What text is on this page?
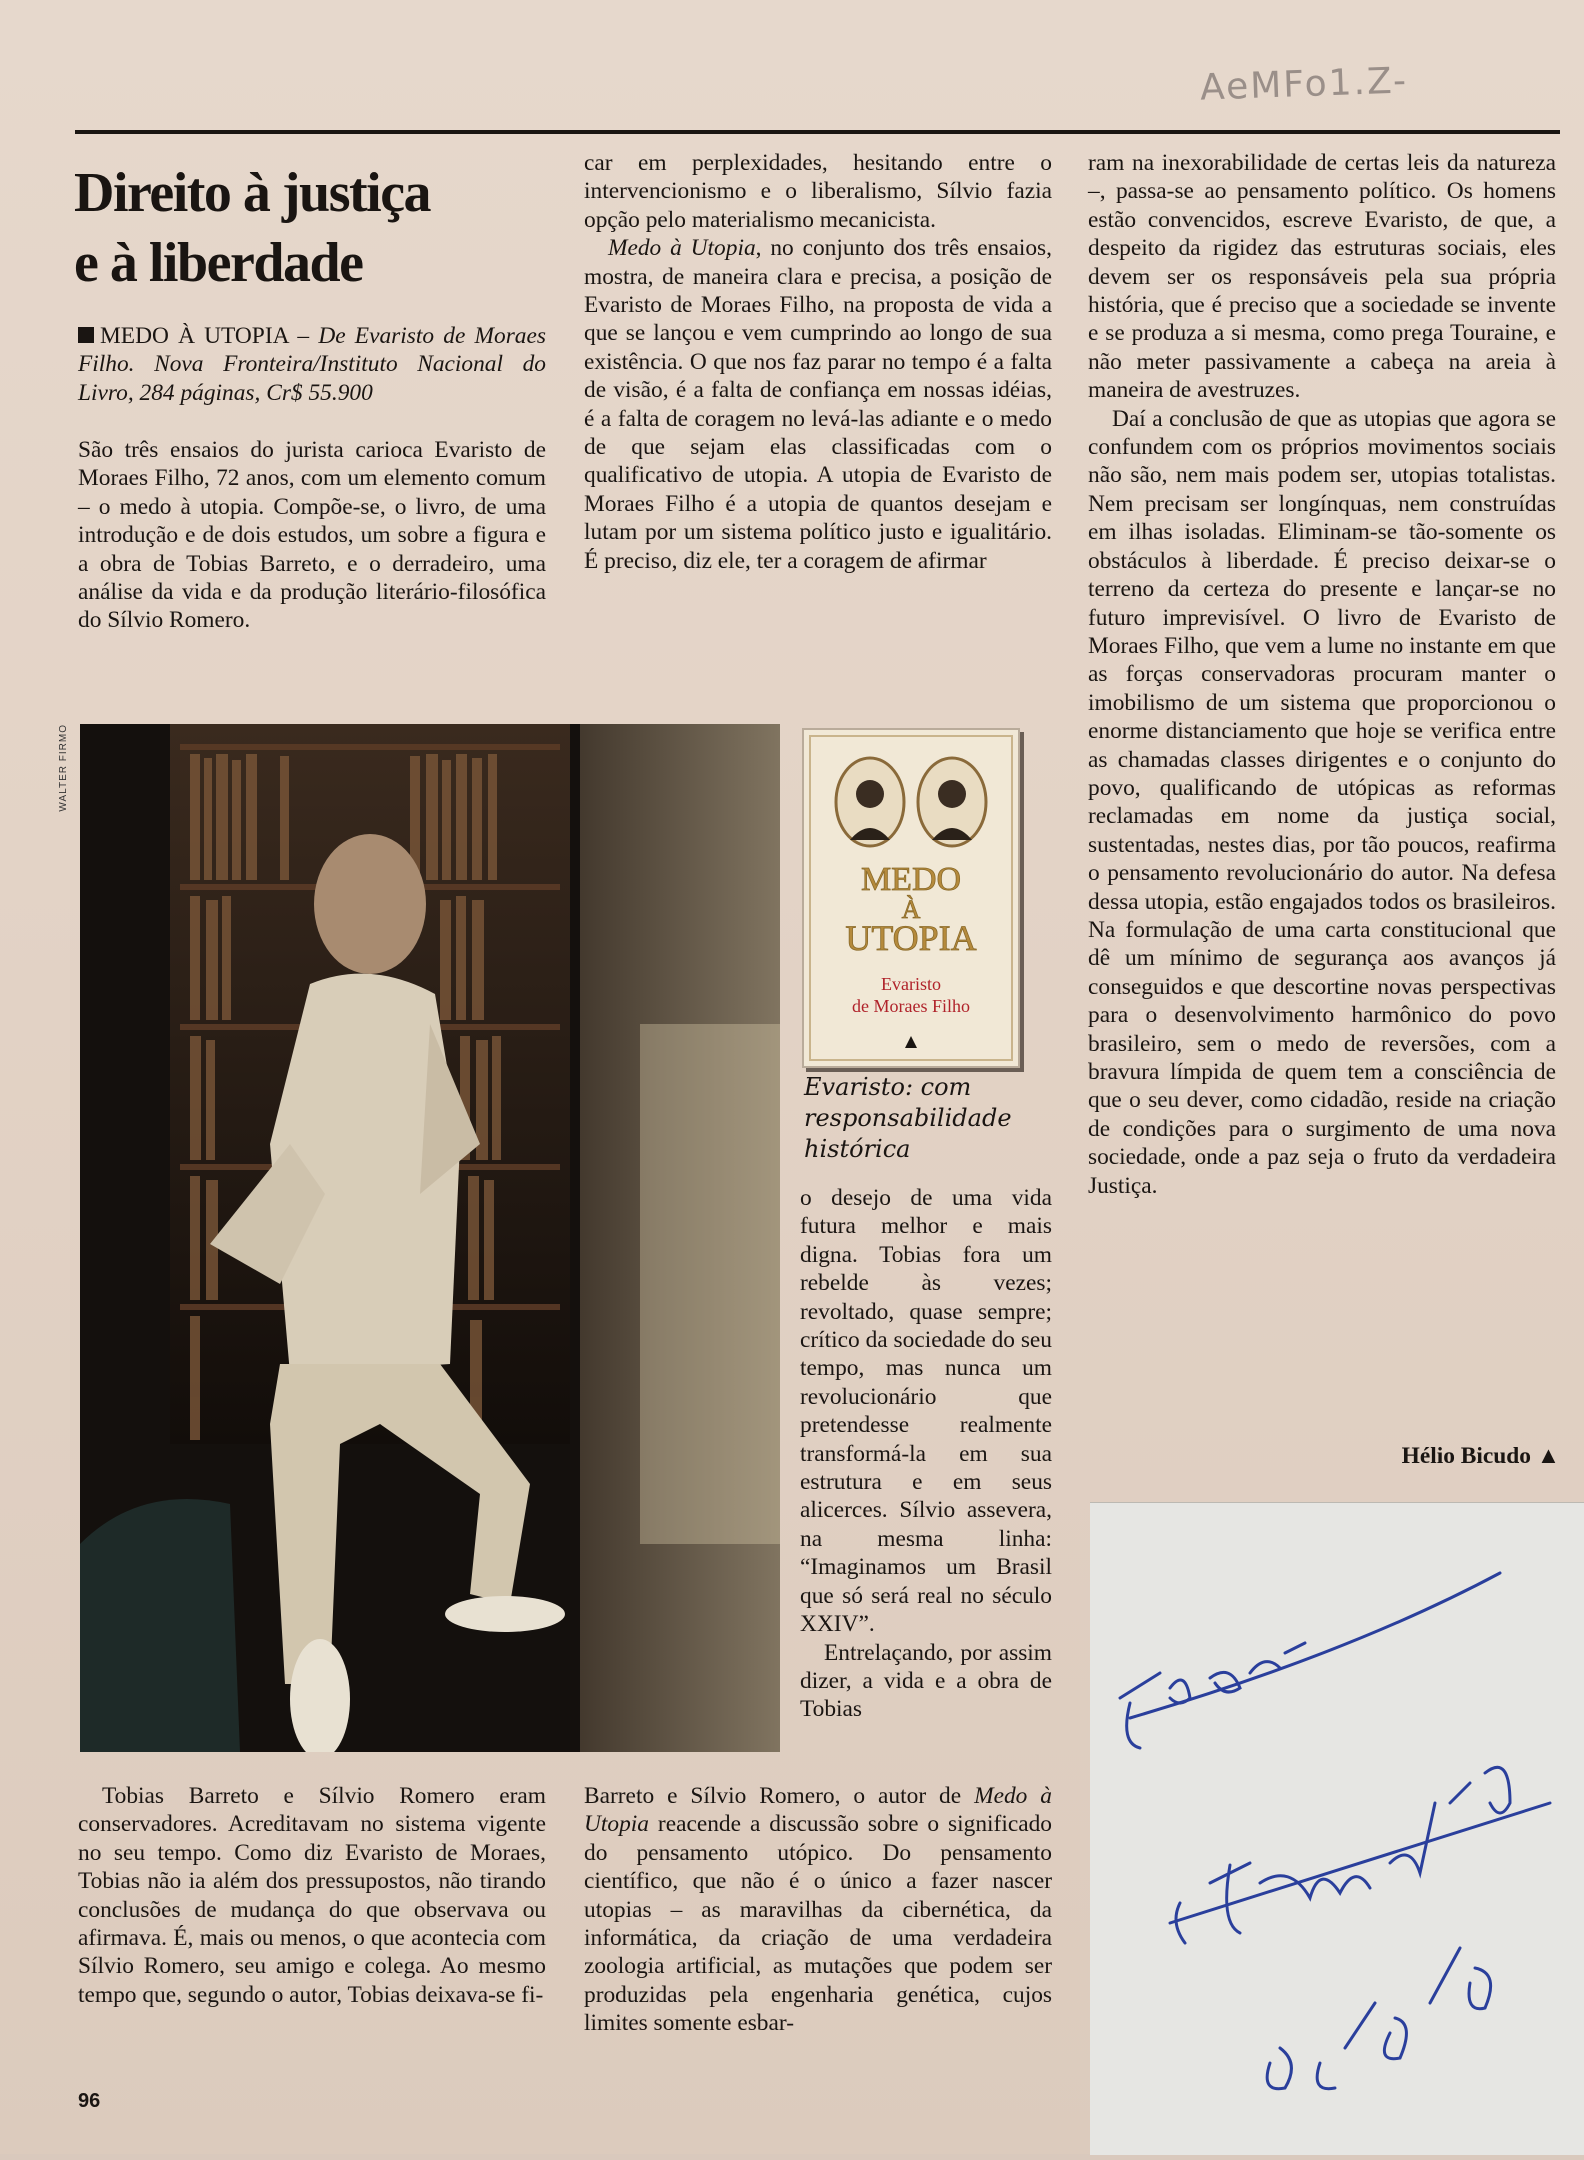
AeMFo1.Z-
Direito à justiça
e à liberdade
MEDO À UTOPIA – De Evaristo de Moraes Filho. Nova Fronteira/Instituto Nacional do Livro, 284 páginas, Cr$ 55.900

São três ensaios do jurista carioca Evaristo de Moraes Filho, 72 anos, com um elemento comum – o medo à utopia. Compõe-se, o livro, de uma introdução e de dois estudos, um sobre a figura e a obra de Tobias Barreto, e o derradeiro, uma análise da vida e da produção literário-filosófica do Sílvio Romero.

Tobias Barreto e Sílvio Romero eram conservadores. Acreditavam no sistema vigente no seu tempo. Como diz Evaristo de Moraes, Tobias não ia além dos pressupostos, não tirando conclusões de mudança do que observava ou afirmava. É, mais ou menos, o que acontecia com Sílvio Romero, seu amigo e colega. Ao mesmo tempo que, segundo o autor, Tobias deixava-se fi-

car em perplexidades, hesitando entre o intervencionismo e o liberalismo, Sílvio fazia opção pelo materialismo mecanicista.

Medo à Utopia, no conjunto dos três ensaios, mostra, de maneira clara e precisa, a posição de Evaristo de Moraes Filho, na proposta de vida a que se lançou e vem cumprindo ao longo de sua existência. O que nos faz parar no tempo é a falta de visão, é a falta de confiança em nossas idéias, é a falta de coragem no levá-las adiante e o medo de que sejam elas classificadas com o qualificativo de utopia. A utopia de Evaristo de Moraes Filho é a utopia de quantos desejam e lutam por um sistema político justo e igualitário. É preciso, diz ele, ter a coragem de afirmar

o desejo de uma vida futura melhor e mais digna. Tobias fora um rebelde às vezes; revoltado, quase sempre; crítico da sociedade do seu tempo, mas nunca um revolucionário que pretendesse realmente transformá-la em sua estrutura e em seus alicerces. Sílvio assevera, na mesma linha: “Imaginamos um Brasil que só será real no século XXIV”.

Entrelaçando, por assim dizer, a vida e a obra de Tobias

Barreto e Sílvio Romero, o autor de Medo à Utopia reacende a discussão sobre o significado do pensamento utópico. Do pensamento científico, que não é o único a fazer nascer utopias – as maravilhas da cibernética, da informática, da criação de uma verdadeira zoologia artificial, as mutações que podem ser produzidas pela engenharia genética, cujos limites somente esbar-

ram na inexorabilidade de certas leis da natureza –, passa-se ao pensamento político. Os homens estão convencidos, escreve Evaristo, de que, a despeito da rigidez das estruturas sociais, eles devem ser os responsáveis pela sua própria história, que é preciso que a sociedade se invente e se produza a si mesma, como prega Touraine, e não meter passivamente a cabeça na areia à maneira de avestruzes.

Daí a conclusão de que as utopias que agora se confundem com os próprios movimentos sociais não são, nem mais podem ser, utopias totalistas. Nem precisam ser longínquas, nem construídas em ilhas isoladas. Eliminam-se tão-somente os obstáculos à liberdade. É preciso deixar-se o terreno da certeza do presente e lançar-se no futuro imprevisível. O livro de Evaristo de Moraes Filho, que vem a lume no instante em que as forças conservadoras procuram manter o imobilismo de um sistema que proporcionou o enorme distanciamento que hoje se verifica entre as chamadas classes dirigentes e o conjunto do povo, qualificando de utópicas as reformas reclamadas em nome da justiça social, sustentadas, nestes dias, por tão poucos, reafirma o pensamento revolucionário do autor. Na defesa dessa utopia, estão engajados todos os brasileiros. Na formulação de uma carta constitucional que dê um mínimo de segurança aos avanços já conseguidos e que descortine novas perspectivas para o desenvolvimento harmônico do povo brasileiro, sem o medo de reversões, com a bravura límpida de quem tem a consciência de que o seu dever, como cidadão, reside na criação de condições para o surgimento de uma nova sociedade, onde a paz seja o fruto da verdadeira Justiça.

Hélio Bicudo ▲
WALTER FIRMO
MEDO
À
UTOPIA
Evaristo
de Moraes Filho
Evaristo: com responsabilidade histórica
96
